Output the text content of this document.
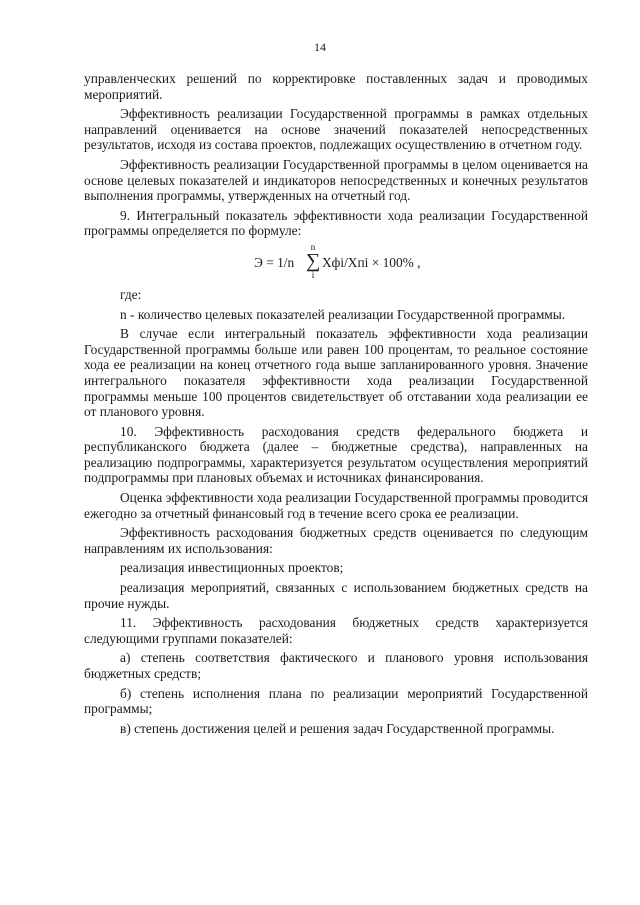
14

управленческих решений по корректировке поставленных задач и проводимых мероприятий.

Эффективность реализации Государственной программы в рамках отдельных направлений оценивается на основе значений показателей непосредственных результатов, исходя из состава проектов, подлежащих осуществлению в отчетном году.

Эффективность реализации Государственной программы в целом оценивается на основе целевых показателей и индикаторов непосредственных и конечных результатов выполнения программы, утвержденных на отчетный год.

9. Интегральный показатель эффективности хода реализации Государственной программы определяется по формуле:

Э = 1/n
n
∑
i
Xфi/Xпi × 100% ,

где:

n - количество целевых показателей реализации Государственной программы.

В случае если интегральный показатель эффективности хода реализации Государственной программы больше или равен 100 процентам, то реальное состояние хода ее реализации на конец отчетного года выше запланированного уровня. Значение интегрального показателя эффективности хода реализации Государственной программы меньше 100 процентов свидетельствует об отставании хода реализации ее от планового уровня.

10. Эффективность расходования средств федерального бюджета и республиканского бюджета (далее – бюджетные средства), направленных на реализацию подпрограммы, характеризуется результатом осуществления мероприятий подпрограммы при плановых объемах и источниках финансирования.

Оценка эффективности хода реализации Государственной программы проводится ежегодно за отчетный финансовый год в течение всего срока ее реализации.

Эффективность расходования бюджетных средств оценивается по следующим направлениям их использования:

реализация инвестиционных проектов;

реализация мероприятий, связанных с использованием бюджетных средств на прочие нужды.

11. Эффективность расходования бюджетных средств характеризуется следующими группами показателей:

а) степень соответствия фактического и планового уровня использования бюджетных средств;

б) степень исполнения плана по реализации мероприятий Государственной программы;

в) степень достижения целей и решения задач Государственной программы.
